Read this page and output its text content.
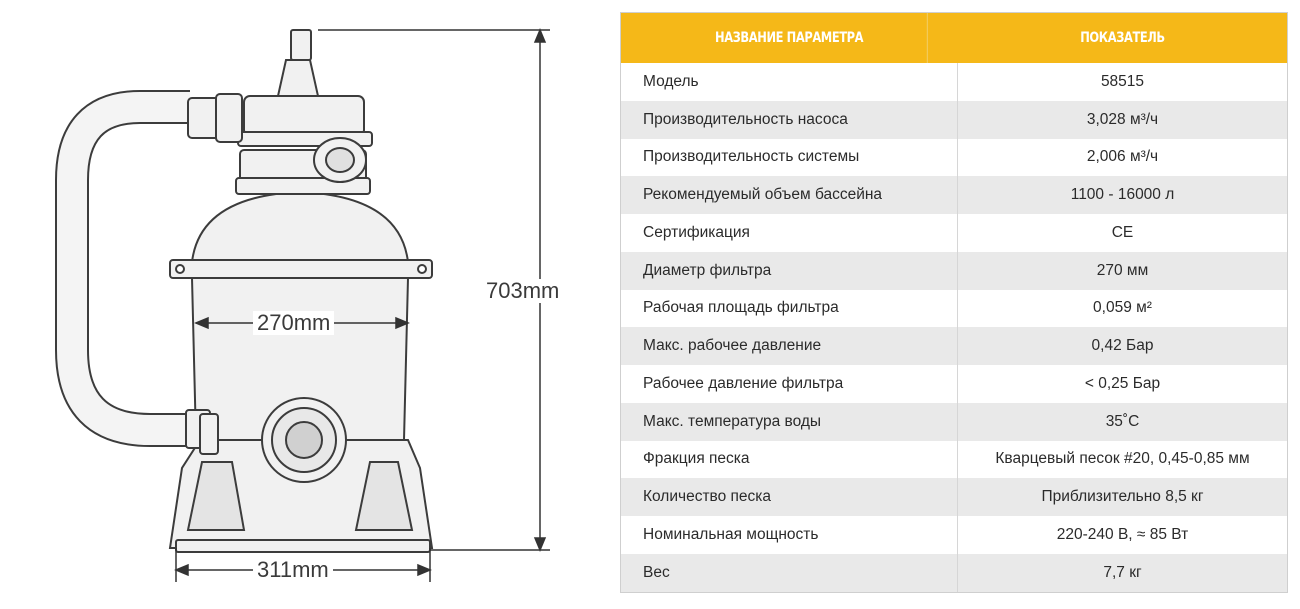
703mm
270mm
311mm
НАЗВАНИЕ ПАРАМЕТРА	ПОКАЗАТЕЛЬ
Модель	58515
Производительность насоса	3,028 м³/ч
Производительность системы	2,006 м³/ч
Рекомендуемый объем бассейна	1100 - 16000 л
Сертификация	CE
Диаметр фильтра	270 мм
Рабочая площадь фильтра	0,059 м²
Макс. рабочее давление	0,42 Бар
Рабочее давление фильтра	< 0,25 Бар
Макс. температура воды	35˚С
Фракция песка	Кварцевый песок #20, 0,45-0,85 мм
Количество песка	Приблизительно 8,5 кг
Номинальная мощность	220-240 В, ≈ 85 Вт
Вес	7,7 кг
